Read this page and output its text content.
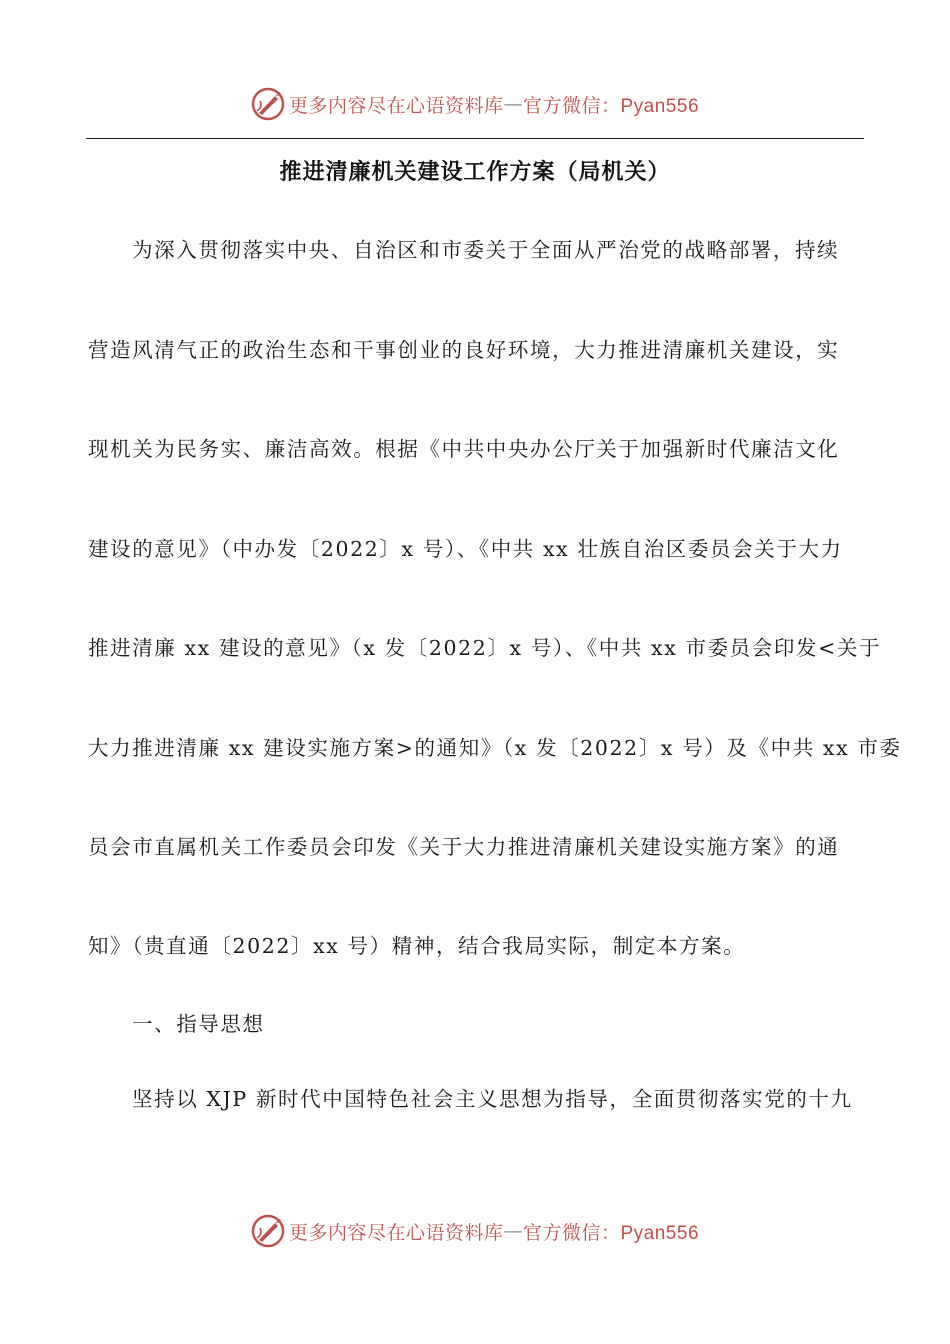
更多内容尽在心语资料库 — 官方微信：Pyan556
推进清廉机关建设工作方案（局机关）
为深入贯彻落实中央、自治区和市委关于全面从严治党的战略部署，持续
营造风清气正的政治生态和干事创业的良好环境，大力推进清廉机关建设，实
现机关为民务实、廉洁高效。根据《中共中央办公厅关于加强新时代廉洁文化
建设的意见》（中办发〔2022〕x 号）、《中共 xx 壮族自治区委员会关于大力
推进清廉 xx 建设的意见》（x 发〔2022〕x 号）、《中共 xx 市委员会印发<关于
大力推进清廉 xx 建设实施方案>的通知》（x 发〔2022〕x 号）及《中共 xx 市委
员会市直属机关工作委员会印发《关于大力推进清廉机关建设实施方案》的通
知》（贵直通〔2022〕xx 号）精神，结合我局实际，制定本方案。
一、指导思想
坚持以 XJP 新时代中国特色社会主义思想为指导，全面贯彻落实党的十九
更多内容尽在心语资料库 — 官方微信：Pyan556
